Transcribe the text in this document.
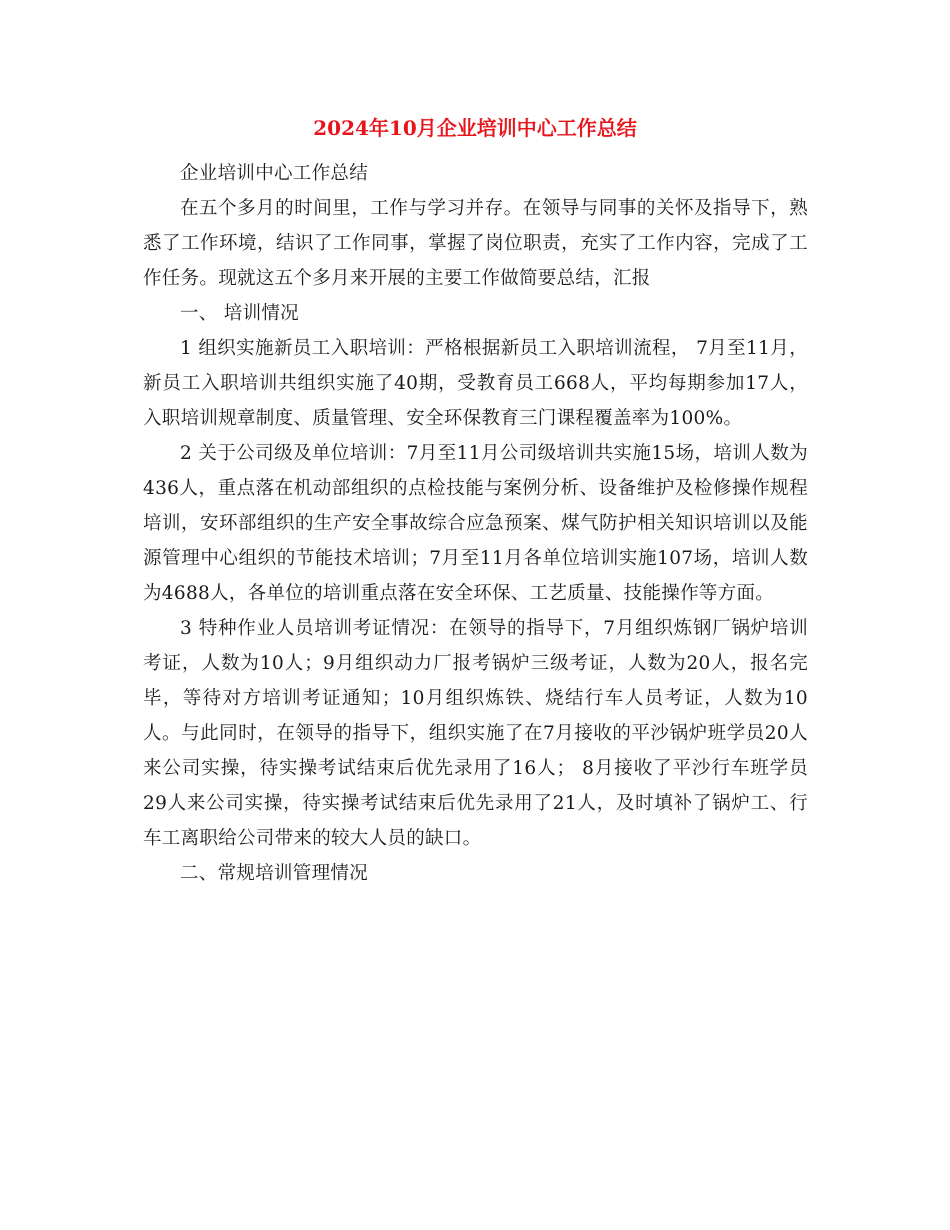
2024年10月企业培训中心工作总结

企业培训中心工作总结

在五个多月的时间里，工作与学习并存。在领导与同事的关怀及指导下，熟悉了工作环境，结识了工作同事，掌握了岗位职责，充实了工作内容，完成了工作任务。现就这五个多月来开展的主要工作做简要总结，汇报

一、 培训情况

1 组织实施新员工入职培训：严格根据新员工入职培训流程， 7月至11月，新员工入职培训共组织实施了40期，受教育员工668人，平均每期参加17人，入职培训规章制度、质量管理、安全环保教育三门课程覆盖率为100%。

2 关于公司级及单位培训：7月至11月公司级培训共实施15场，培训人数为436人，重点落在机动部组织的点检技能与案例分析、设备维护及检修操作规程培训，安环部组织的生产安全事故综合应急预案、煤气防护相关知识培训以及能源管理中心组织的节能技术培训；7月至11月各单位培训实施107场，培训人数为4688人，各单位的培训重点落在安全环保、工艺质量、技能操作等方面。

3 特种作业人员培训考证情况：在领导的指导下，7月组织炼钢厂锅炉培训考证，人数为10人；9月组织动力厂报考锅炉三级考证，人数为20人，报名完毕，等待对方培训考证通知；10月组织炼铁、烧结行车人员考证，人数为10人。与此同时，在领导的指导下，组织实施了在7月接收的平沙锅炉班学员20人来公司实操，待实操考试结束后优先录用了16人； 8月接收了平沙行车班学员29人来公司实操，待实操考试结束后优先录用了21人，及时填补了锅炉工、行车工离职给公司带来的较大人员的缺口。

二、常规培训管理情况
